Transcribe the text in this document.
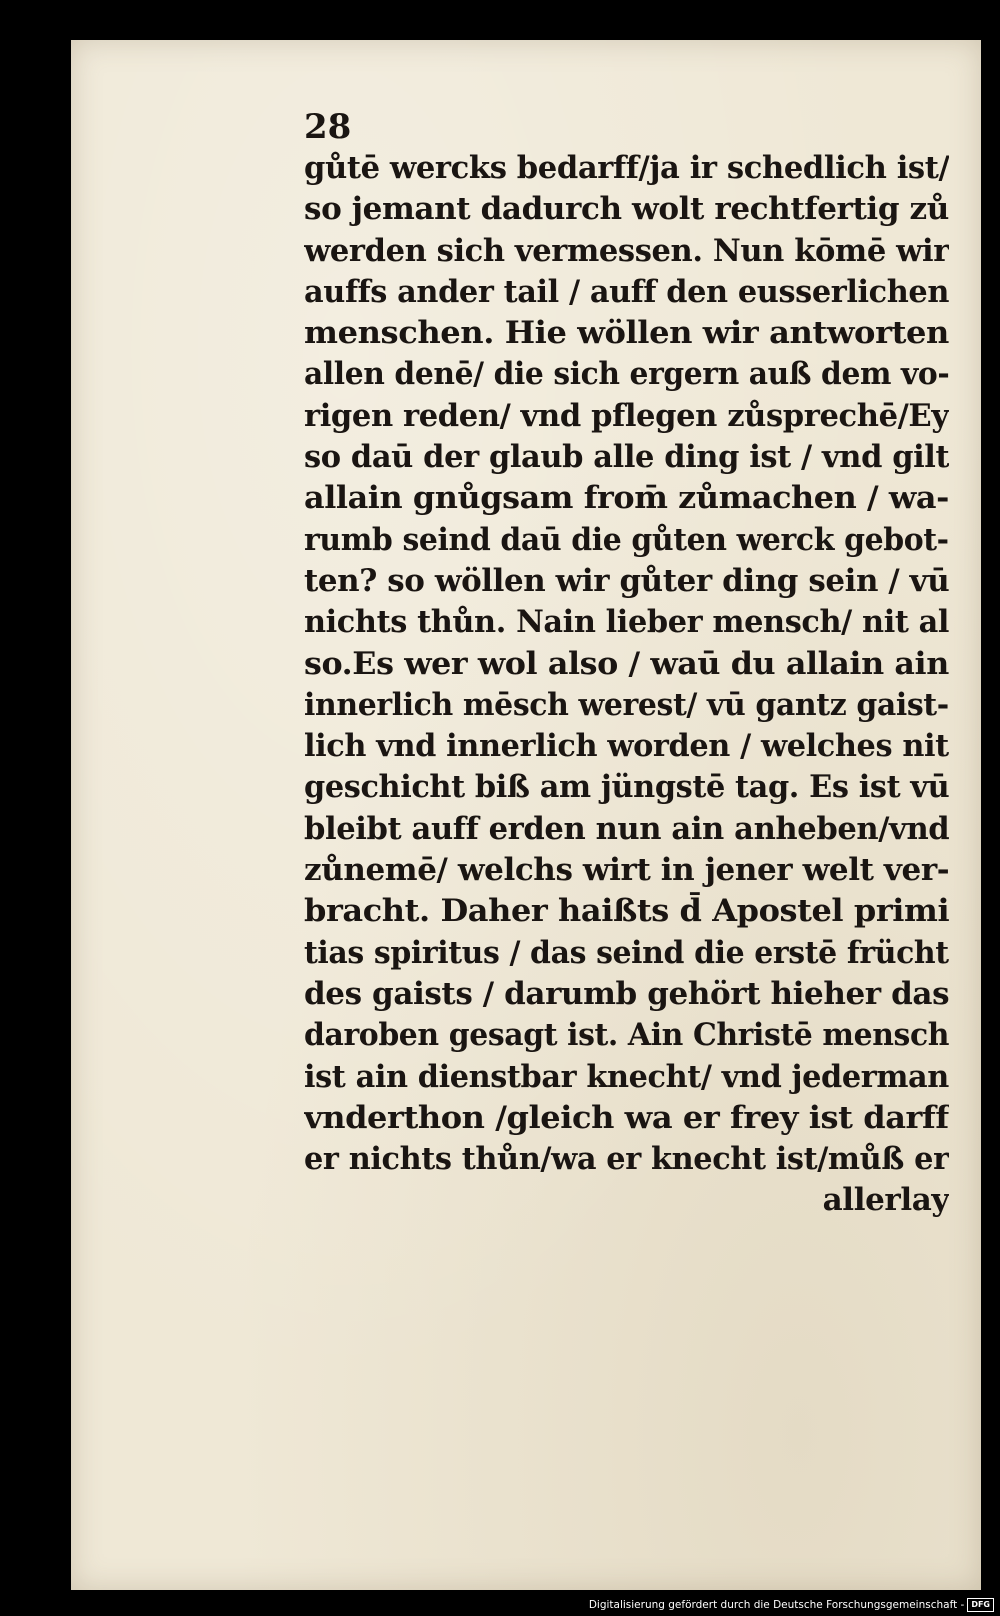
28
gůtē wercks bedarff/ja ir schedlich ist/
so jemant dadurch wolt rechtfertig zů
werden sich vermessen. Nun kōmē wir
auffs ander tail / auff den eusserlichen
menschen. Hie wöllen wir antworten
allen denē/ die sich ergern auß dem vo-
rigen reden/ vnd pflegen zůsprechē/Ey
so daū der glaub alle ding ist / vnd gilt
allain gnůgsam from̄ zůmachen / wa-
rumb seind daū die gůten werck gebot-
ten? so wöllen wir gůter ding sein / vū
nichts thůn. Nain lieber mensch/ nit al
so.Es wer wol also / waū du allain ain
innerlich mēsch werest/ vū gantz gaist-
lich vnd innerlich worden / welches nit
geschicht biß am jüngstē tag. Es ist vū
bleibt auff erden nun ain anheben/vnd
zůnemē/ welchs wirt in jener welt ver-
bracht. Daher haißts d̄ Apostel primi
tias spiritus / das seind die erstē frücht
des gaists / darumb gehört hieher das
daroben gesagt ist. Ain Christē mensch
ist ain dienstbar knecht/ vnd jederman
vnderthon /gleich wa er frey ist darff
er nichts thůn/wa er knecht ist/můß er
allerlay
Digitalisierung gefördert durch die Deutsche Forschungsgemeinschaft - DFG
